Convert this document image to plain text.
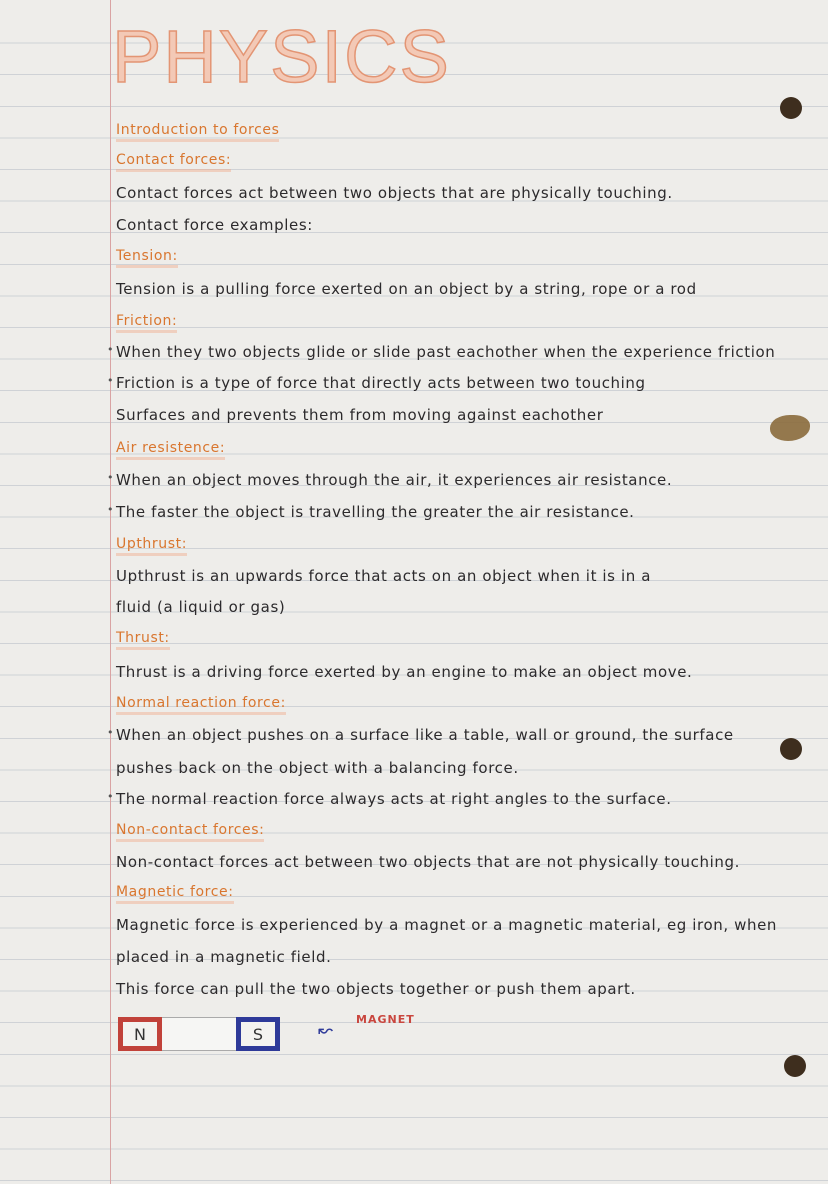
PHYSICS
Introduction to forces
Contact forces:
Contact forces act between two objects that are physically touching.
Contact force examples:
Tension:
Tension is a pulling force exerted on an object by a string, rope or a rod
Friction:
• When they two objects glide or slide past eachother when the experience friction
• Friction is a type of force that directly acts between two touching
Surfaces and prevents them from moving against eachother
Air resistence:
• When an object moves through the air, it experiences air resistance.
• The faster the object is travelling the greater the air resistance.
Upthrust:
Upthrust is an upwards force that acts on an object when it is in a
fluid (a liquid or gas)
Thrust:
Thrust is a driving force exerted by an engine to make an object move.
Normal reaction force:
• When an object pushes on a surface like a table, wall or ground, the surface
pushes back on the object with a balancing force.
• The normal reaction force always acts at right angles to the surface.
Non-contact forces:
Non-contact forces act between two objects that are not physically touching.
Magnetic force:
Magnetic force is experienced by a magnet or a magnetic material, eg iron, when
placed in a magnetic field.
This force can pull the two objects together or push them apart.
N	S	↜
MAGNET
